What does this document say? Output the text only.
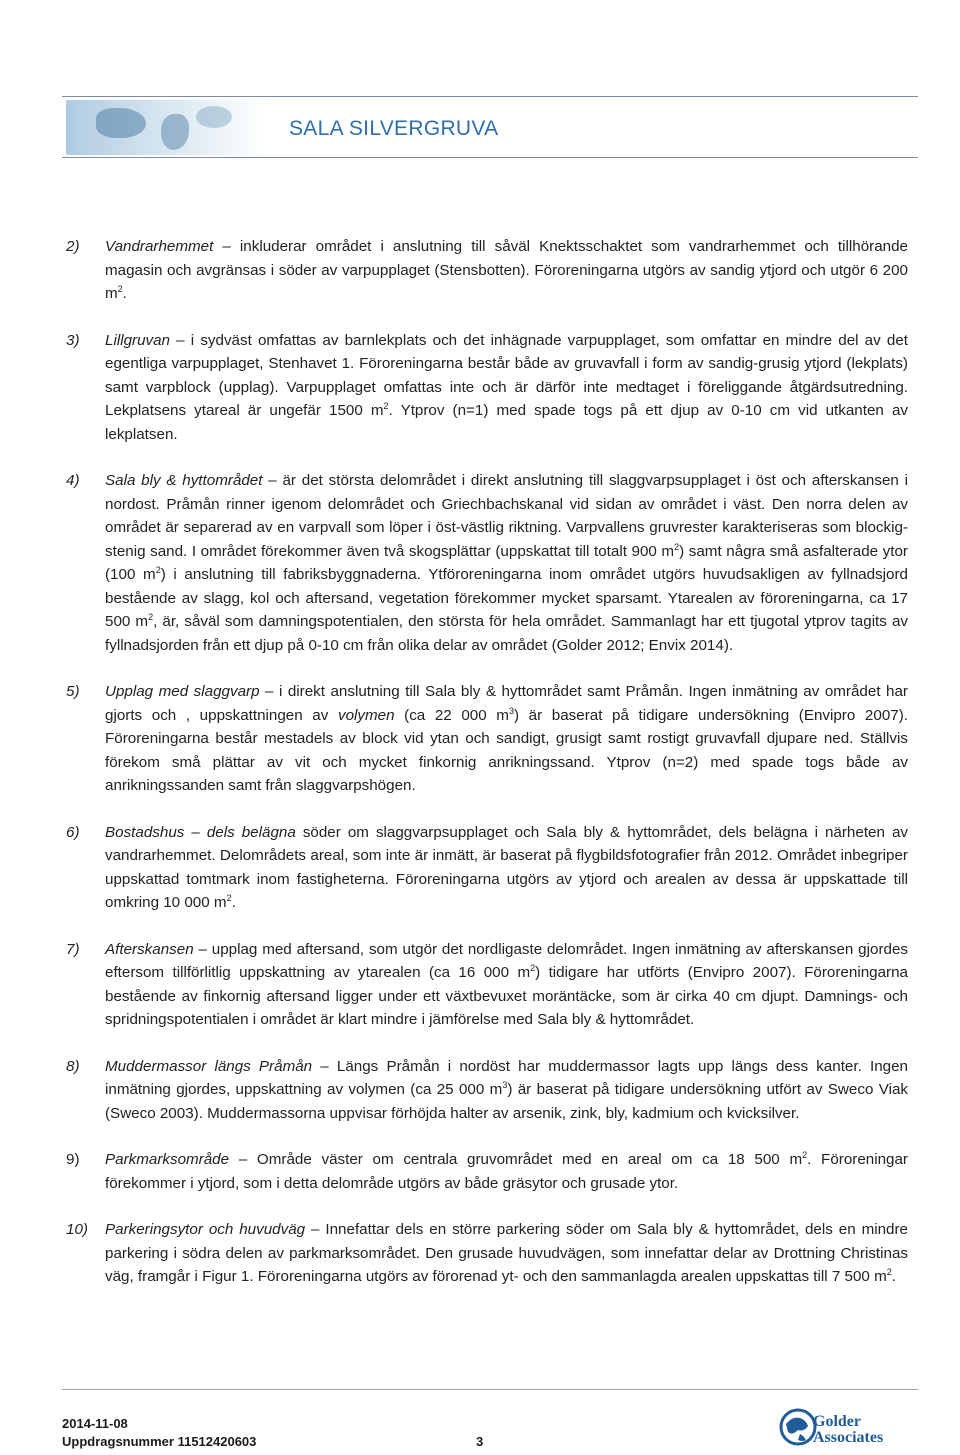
SALA SILVERGRUVA
2) Vandrarhemmet – inkluderar området i anslutning till såväl Knektsschaktet som vandrarhemmet och tillhörande magasin och avgränsas i söder av varpupplaget (Stensbotten). Föroreningarna utgörs av sandig ytjord och utgör 6 200 $m^2$.
3) Lillgruvan – i sydväst omfattas av barnlekplats och det inhägnade varpupplaget, som omfattar en mindre del av det egentliga varpupplaget, Stenhavet 1. Föroreningarna består både av gruvavfall i form av sandig-grusig ytjord (lekplats) samt varpblock (upplag). Varpupplaget omfattas inte och är därför inte medtaget i föreliggande åtgärdsutredning. Lekplatsens ytareal är ungefär 1500 $m^2$. Ytprov (n=1) med spade togs på ett djup av 0-10 cm vid utkanten av lekplatsen.
4) Sala bly & hyttområdet – är det största delområdet i direkt anslutning till slaggvarpsupplaget i öst och afterskansen i nordost. Pråmån rinner igenom delområdet och Griechbachskanal vid sidan av området i väst. Den norra delen av området är separerad av en varpvall som löper i öst-västlig riktning. Varpvallens gruvrester karakteriseras som blockig-stenig sand. I området förekommer även två skogsplättar (uppskattat till totalt 900 $m^2$) samt några små asfalterade ytor (100 $m^2$) i anslutning till fabriksbyggnaderna. Ytföroreningarna inom området utgörs huvudsakligen av fyllnadsjord bestående av slagg, kol och aftersand, vegetation förekommer mycket sparsamt. Ytarealen av föroreningarna, ca 17 500 $m^2$, är, såväl som damningspotentialen, den största för hela området. Sammanlagt har ett tjugotal ytprov tagits av fyllnadsjorden från ett djup på 0-10 cm från olika delar av området (Golder 2012; Envix 2014).
5) Upplag med slaggvarp – i direkt anslutning till Sala bly & hyttområdet samt Pråmån. Ingen inmätning av området har gjorts och , uppskattningen av volymen (ca 22 000 $m^3$) är baserat på tidigare undersökning (Envipro 2007). Föroreningarna består mestadels av block vid ytan och sandigt, grusigt samt rostigt gruvavfall djupare ned. Ställvis förekom små plättar av vit och mycket finkornig anrikningssand. Ytprov (n=2) med spade togs både av anrikningssanden samt från slaggvarpshögen.
6) Bostadshus – dels belägna söder om slaggvarpsupplaget och Sala bly & hyttområdet, dels belägna i närheten av vandrarhemmet. Delområdets areal, som inte är inmätt, är baserat på flygbildsfotografier från 2012. Området inbegriper uppskattad tomtmark inom fastigheterna. Föroreningarna utgörs av ytjord och arealen av dessa är uppskattade till omkring 10 000 $m^2$.
7) Afterskansen – upplag med aftersand, som utgör det nordligaste delområdet. Ingen inmätning av afterskansen gjordes eftersom tillförlitlig uppskattning av ytarealen (ca 16 000 $m^2$) tidigare har utförts (Envipro 2007). Föroreningarna bestående av finkornig aftersand ligger under ett växtbevuxet moräntäcke, som är cirka 40 cm djupt. Damnings- och spridningspotentialen i området är klart mindre i jämförelse med Sala bly & hyttområdet.
8) Muddermassor längs Pråmån – Längs Pråmån i nordöst har muddermassor lagts upp längs dess kanter. Ingen inmätning gjordes, uppskattning av volymen (ca 25 000 $m^3$) är baserat på tidigare undersökning utfört av Sweco Viak (Sweco 2003). Muddermassorna uppvisar förhöjda halter av arsenik, zink, bly, kadmium och kvicksilver.
9) Parkmarksområde – Område väster om centrala gruvområdet med en areal om ca 18 500 $m^2$. Föroreningar förekommer i ytjord, som i detta delområde utgörs av både gräsytor och grusade ytor.
10) Parkeringsytor och huvudväg – Innefattar dels en större parkering söder om Sala bly & hyttområdet, dels en mindre parkering i södra delen av parkmarksområdet. Den grusade huvudvägen, som innefattar delar av Drottning Christinas väg, framgår i Figur 1. Föroreningarna utgörs av förorenad yt- och den sammanlagda arealen uppskattas till 7 500 $m^2$.
2014-11-08
Uppdragsnummer 11512420603	3
Golder
Associates
